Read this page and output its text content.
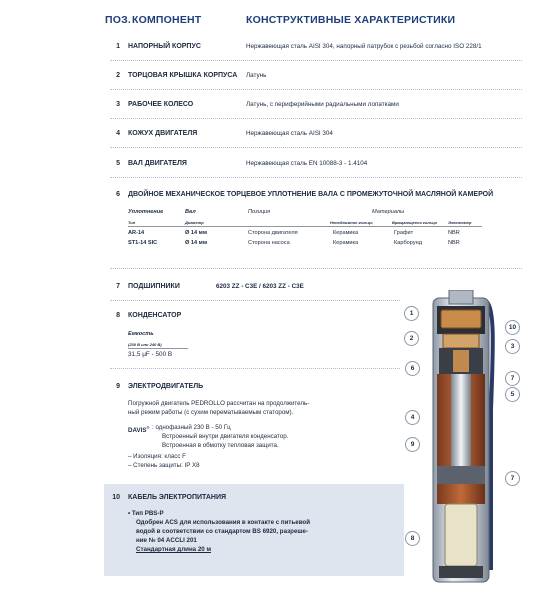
ПОЗ. КОМПОНЕНТ	КОНСТРУКТИВНЫЕ ХАРАКТЕРИСТИКИ
1 НАПОРНЫЙ КОРПУС	Нержавеющая сталь AISI 304, напорный патрубок с резьбой согласно ISO 228/1
2 ТОРЦОВАЯ КРЫШКА КОРПУСА Латунь
3 РАБОЧЕЕ КОЛЕСО	Латунь, с периферийными радиальными лопатками
4 КОЖУХ ДВИГАТЕЛЯ	Нержавеющая сталь AISI 304
5 ВАЛ ДВИГАТЕЛЯ	Нержавеющая сталь EN 10088-3 - 1.4104
6 ДВОЙНОЕ МЕХАНИЧЕСКОЕ ТОРЦЕВОЕ УПЛОТНЕНИЕ ВАЛА С ПРОМЕЖУТОЧНОЙ МАСЛЯНОЙ КАМЕРОЙ
Уплотнение	Вал	Позиция	Материалы
Тип	Диаметр	Неподвижное кольцо	Вращающееся кольцо	Эластомер
AR-14	Ø 14 мм	Сторона двигателя	Керамика	Графит	NBR
ST1-14 SIC	Ø 14 мм	Сторона насоса	Керамика	Карборунд	NBR
7 ПОДШИПНИКИ	6203 ZZ - C3E / 6203 ZZ - C3E
8 КОНДЕНСАТОР
Емкость
(230 В или 240 В)
31,5 μF - 500 В
9 ЭЛЕКТРОДВИГАТЕЛЬ
Погружной двигатель PEDROLLO рассчитан на продолжитель-
ный режим работы (с сухим перематываемым статором).
DAVIS® : однофазный 230 В - 50 Гц
Встроенный внутри двигателя конденсатор.
Встроенная в обмотку тепловая защита.
– Изоляция: класс F
– Степень защиты: IP X8
10 КАБЕЛЬ ЭЛЕКТРОПИТАНИЯ
• Тип PBS-P
Одобрен ACS для использования в контакте с питьевой
водой в соответствии со стандартом BS 6920, разреше-
ние № 04 ACCLI 201
Стандартная длина 20 м
1
2
3
6
10
7
5
4
9
7
8
